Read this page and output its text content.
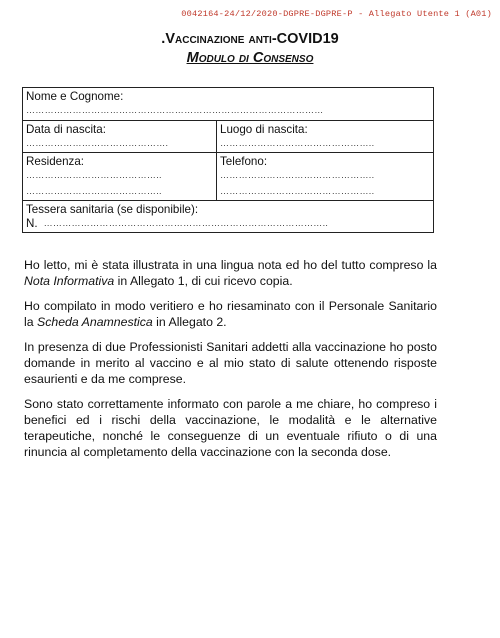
0042164-24/12/2020-DGPRE-DGPRE-P - Allegato Utente 1 (A01)
.Vaccinazione anti-COVID19
Modulo di Consenso
Nome e Cognome:
……………………………………………………………………………………
Data di nascita:
……………………………………….
Luogo di nascita:
…………………………………………..
Residenza:
……………………………………..
……………………………………..
Telefono:
…………………………………………..
…………………………………………..
Tessera sanitaria (se disponibile):
N. ………………………………………………………………………………..

Ho letto, mi è stata illustrata in una lingua nota ed ho del tutto compreso la Nota Informativa in Allegato 1, di cui ricevo copia.

Ho compilato in modo veritiero e ho riesaminato con il Personale Sanitario la Scheda Anamnestica in Allegato 2.

In presenza di due Professionisti Sanitari addetti alla vaccinazione ho posto domande in merito al vaccino e al mio stato di salute ottenendo risposte esaurienti e da me comprese.

Sono stato correttamente informato con parole a me chiare, ho compreso i benefici ed i rischi della vaccinazione, le modalità e le alternative terapeutiche, nonché le conseguenze di un eventuale rifiuto o di una rinuncia al completamento della vaccinazione con la seconda dose.
